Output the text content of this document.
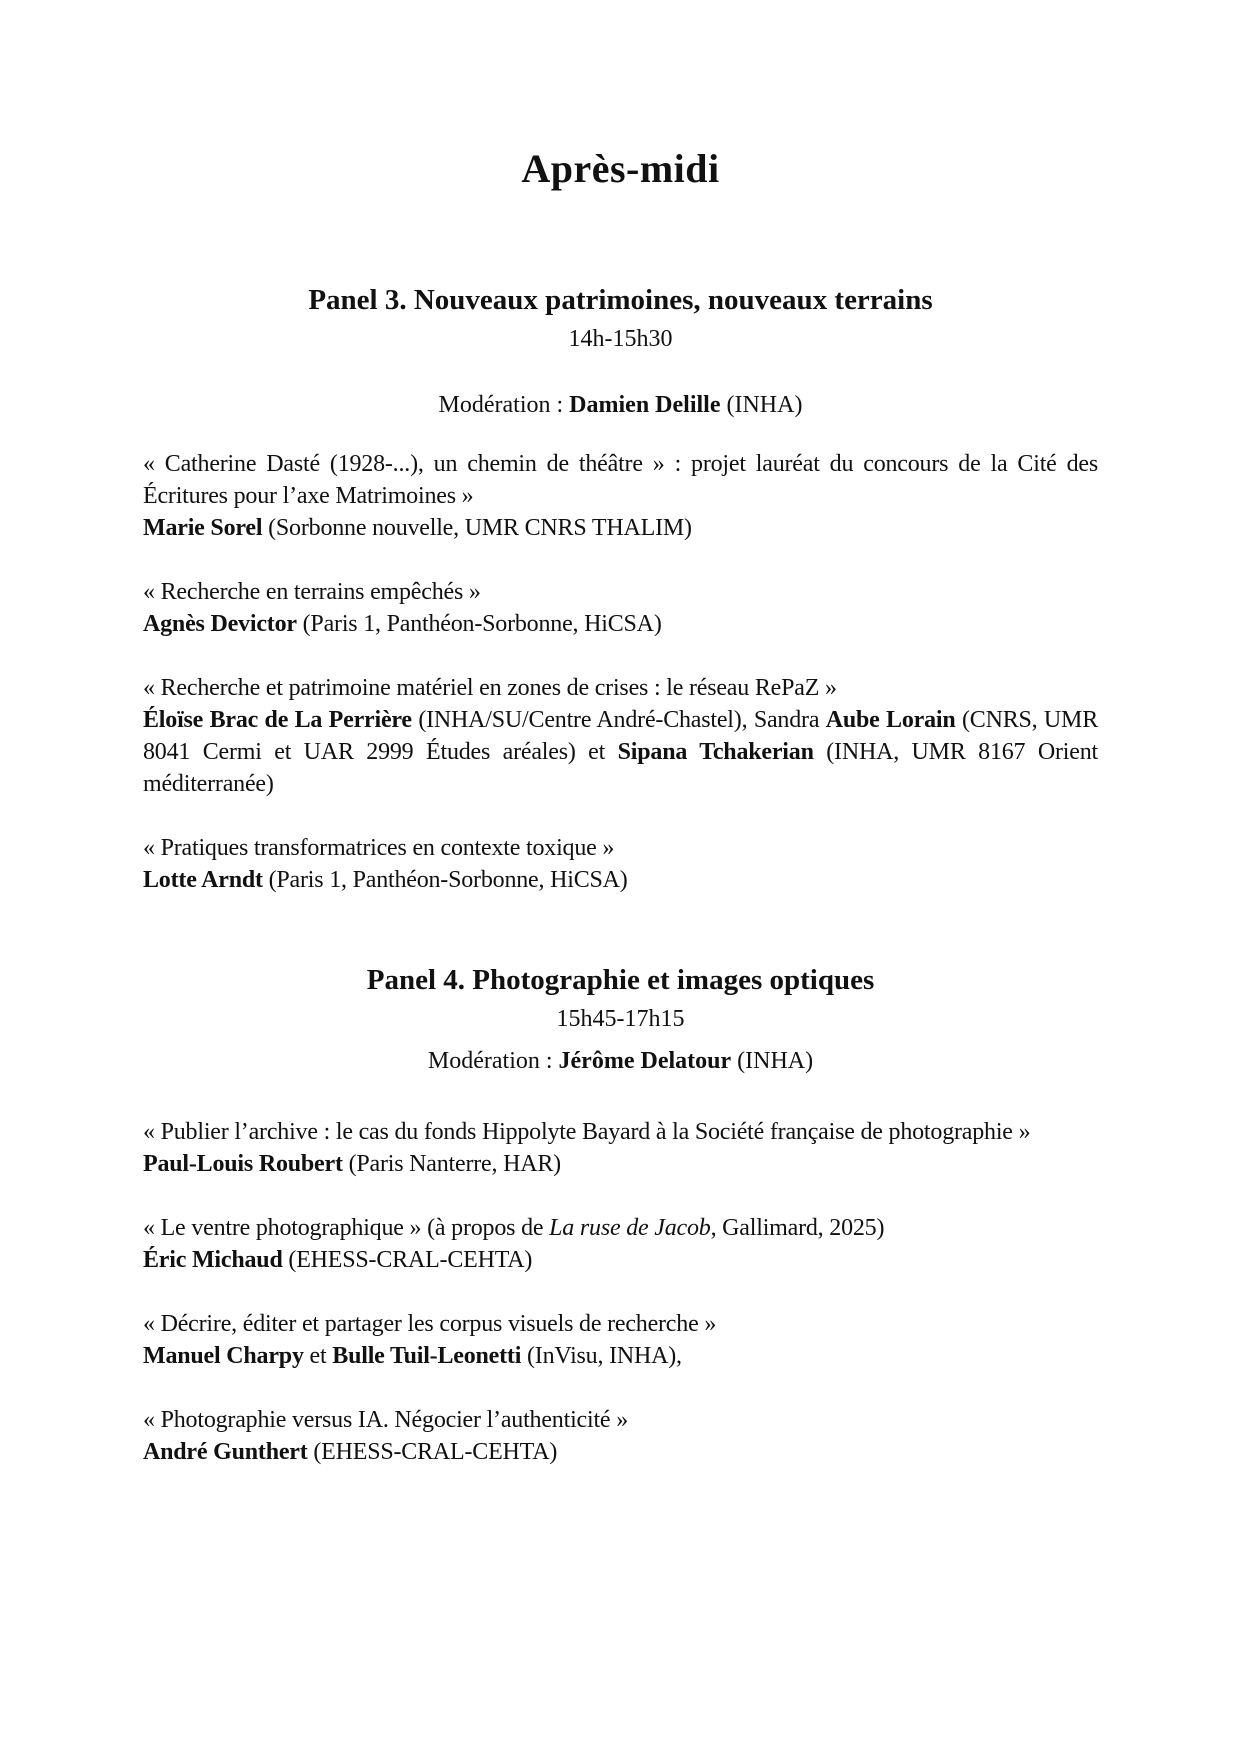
Après-midi
Panel 3. Nouveaux patrimoines, nouveaux terrains

14h-15h30

Modération : Damien Delille (INHA)

« Catherine Dasté (1928-...), un chemin de théâtre » : projet lauréat du concours de la Cité des Écritures pour l’axe Matrimoines »

Marie Sorel (Sorbonne nouvelle, UMR CNRS THALIM)

« Recherche en terrains empêchés »

Agnès Devictor (Paris 1, Panthéon-Sorbonne, HiCSA)

« Recherche et patrimoine matériel en zones de crises : le réseau RePaZ »

Éloïse Brac de La Perrière (INHA/SU/Centre André-Chastel), Sandra Aube Lorain (CNRS, UMR 8041 Cermi et UAR 2999 Études aréales) et Sipana Tchakerian (INHA, UMR 8167 Orient méditerranée)

« Pratiques transformatrices en contexte toxique »

Lotte Arndt (Paris 1, Panthéon-Sorbonne, HiCSA)

Panel 4. Photographie et images optiques

15h45-17h15

Modération : Jérôme Delatour (INHA)

« Publier l’archive : le cas du fonds Hippolyte Bayard à la Société française de photographie »

Paul-Louis Roubert (Paris Nanterre, HAR)

« Le ventre photographique » (à propos de La ruse de Jacob, Gallimard, 2025)

Éric Michaud (EHESS-CRAL-CEHTA)

« Décrire, éditer et partager les corpus visuels de recherche »

Manuel Charpy et Bulle Tuil-Leonetti (InVisu, INHA),

« Photographie versus IA. Négocier l’authenticité »

André Gunthert (EHESS-CRAL-CEHTA)
